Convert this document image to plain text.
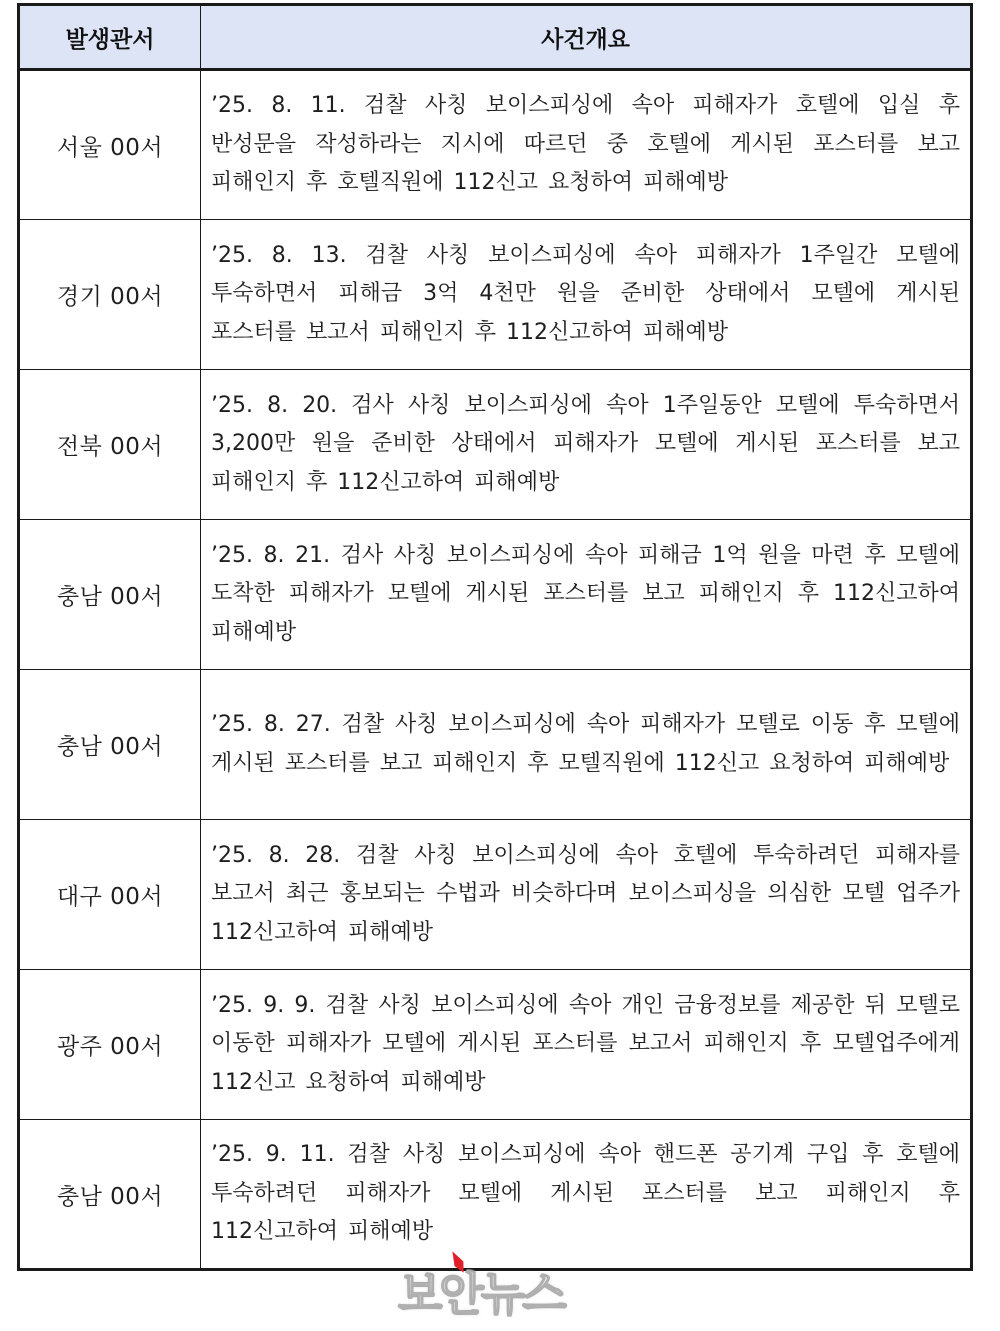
발생관서	사건개요
서울 00서	’25. 8. 11. 검찰 사칭 보이스피싱에 속아 피해자가 호텔에 입실 후 반성문을 작성하라는 지시에 따르던 중 호텔에 게시된 포스터를 보고 피해인지 후 호텔직원에 112신고 요청하여 피해예방

경기 00서	’25. 8. 13. 검찰 사칭 보이스피싱에 속아 피해자가 1주일간 모텔에 투숙하면서 피해금 3억 4천만 원을 준비한 상태에서 모텔에 게시된 포스터를 보고서 피해인지 후 112신고하여 피해예방

전북 00서	’25. 8. 20. 검사 사칭 보이스피싱에 속아 1주일동안 모텔에 투숙하면서 3,200만 원을 준비한 상태에서 피해자가 모텔에 게시된 포스터를 보고 피해인지 후 112신고하여 피해예방

충남 00서	’25. 8. 21. 검사 사칭 보이스피싱에 속아 피해금 1억 원을 마련 후 모텔에 도착한 피해자가 모텔에 게시된 포스터를 보고 피해인지 후 112신고하여 피해예방

충남 00서	’25. 8. 27. 검찰 사칭 보이스피싱에 속아 피해자가 모텔로 이동 후 모텔에 게시된 포스터를 보고 피해인지 후 모텔직원에 112신고 요청하여 피해예방

대구 00서	’25. 8. 28. 검찰 사칭 보이스피싱에 속아 호텔에 투숙하려던 피해자를 보고서 최근 홍보되는 수법과 비슷하다며 보이스피싱을 의심한 모텔 업주가 112신고하여 피해예방

광주 00서	’25. 9. 9. 검찰 사칭 보이스피싱에 속아 개인 금융정보를 제공한 뒤 모텔로 이동한 피해자가 모텔에 게시된 포스터를 보고서 피해인지 후 모텔업주에게 112신고 요청하여 피해예방

충남 00서	’25. 9. 11. 검찰 사칭 보이스피싱에 속아 핸드폰 공기계 구입 후 호텔에 투숙하려던 피해자가 모텔에 게시된 포스터를 보고 피해인지 후 112신고하여 피해예방
보안뉴스
